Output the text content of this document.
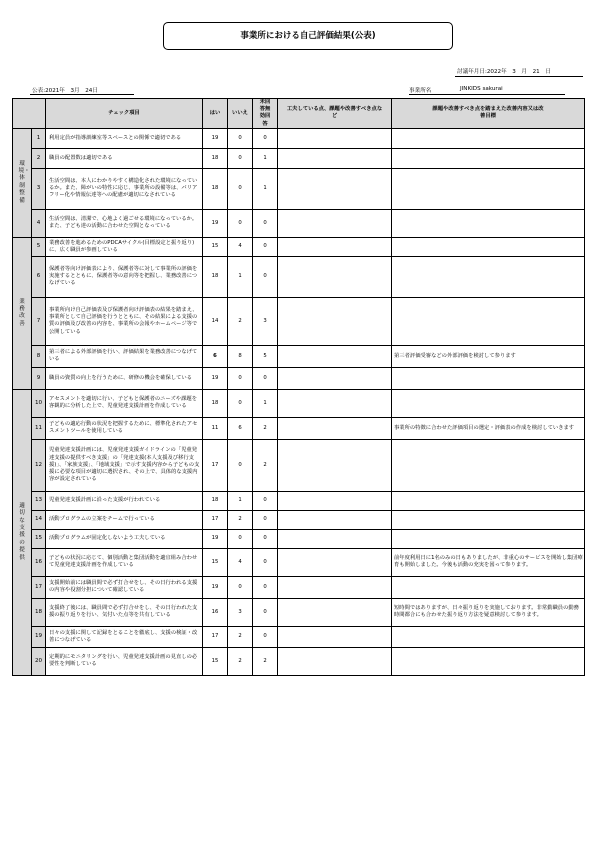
事業所における自己評価結果(公表)
討議年月日:2022年　3　月　21　日
公表:2021年　3月　24日	事業所名	JINKIDS sakurai
		チェック項目	はい	いいえ	未回答無効回答	工夫している点、課題や改善すべき点など	課題や改善すべき点を踏まえた改善内容又は改善目標
環境・体制整備	1	利用定員が指導訓練室等スペースとの関係で適切である	19	0	0		
	2	職員の配置数は適切である	18	0	1		
	3	生活空間は、本人にわかりやすく構造化された環境になっているか。また、障がいの特性に応じ、事業所の設備等は、バリアフリー化や情報伝達等への配慮が適切になされている	18	0	1		
	4	生活空間は、清潔で、心地よく過ごせる環境になっているか。また、子ども達の活動に合わせた空間となっている	19	0	0		
業務改善	5	業務改善を進めるためのPDCAサイクル(目標設定と振り返り)に、広く職員が参画している	15	4	0		
	6	保護者等向け評価表により、保護者等に対して事業所の評価を実施するとともに、保護者等の意向等を把握し、業務改善につなげている	18	1	0		
	7	事業所向け自己評価表及び保護者向け評価表の結果を踏まえ、事業所として自己評価を行うとともに、その結果による支援の質の評価及び改善の内容を、事業所の会報やホームページ等で公開している	14	2	3		
	8	第三者による外部評価を行い、評価結果を業務改善につなげている	6	8	5		第三者評価受審などの外部評価を検討して参ります
	9	職員の資質の向上を行うために、研修の機会を確保している	19	0	0		
適切な支援の提供	10	アセスメントを適切に行い、子どもと保護者のニーズや課題を客観的に分析した上で、児童発達支援計画を作成している	18	0	1		
	11	子どもの適応行動の状況を把握するために、標準化されたアセスメントツールを使用している	11	6	2		事業所の特徴に合わせた評価項目の選定・評価表の作成を検討していきます
	12	児童発達支援計画には、児童発達支援ガイドラインの「児童発達支援の提供すべき支援」の「発達支援(本人支援及び移行支援)」、「家族支援」、「地域支援」で示す支援内容から子どもの支援に必要な項目が適切に選択され、その上で、具体的な支援内容が設定されている	17	0	2		
	13	児童発達支援計画に沿った支援が行われている	18	1	0		
	14	活動プログラムの立案をチームで行っている	17	2	0		
	15	活動プログラムが固定化しないよう工夫している	19	0	0		
	16	子どもの状況に応じて、個別活動と集団活動を適宜組み合わせて児童発達支援計画を作成している	15	4	0		前年度利用日に1名のみの日もありましたが、非重心のサービスを開始し集団療育も開始しました。今後も活動の充実を図って参ります。
	17	支援開始前には職員間で必ず打合せをし、その日行われる支援の内容や役割分担について確認している	19	0	0		
	18	支援終了後には、職員間で必ず打合せをし、その日行われた支援の振り返りを行い、気付いた点等を共有している	16	3	0		短時間ではありますが、日々振り返りを実施しております。非常勤職員の勤務時間都合にも合わせた振り返り方法を疑意検討して参ります。
	19	日々の支援に関して記録をとることを徹底し、支援の検証・改善につなげている	17	2	0		
	20	定期的にモニタリングを行い、児童発達支援計画の見直しの必要性を判断している	15	2	2		
